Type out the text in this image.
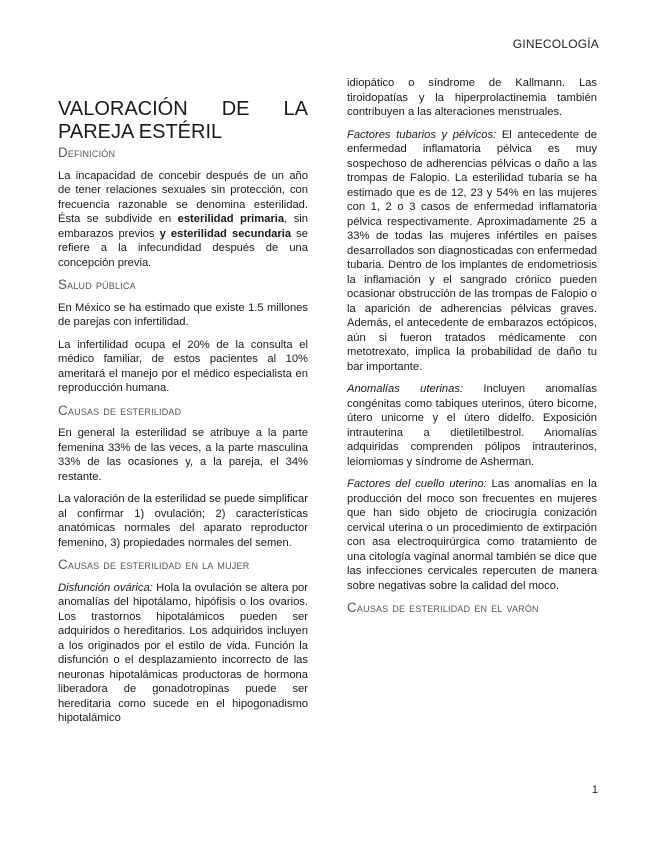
GINECOLOGÍA
VALORACIÓN DE LA
PAREJA ESTÉRIL
Definición

La incapacidad de concebir después de un año de tener relaciones sexuales sin protección, con frecuencia razonable se denomina esterilidad. Ésta se subdivide en esterilidad primaria, sin embarazos previos y esterilidad secundaria se refiere a la infecundidad después de una concepción previa.

Salud pública

En México se ha estimado que existe 1.5 millones de parejas con infertilidad.

La infertilidad ocupa el 20% de la consulta el médico familiar, de estos pacientes al 10% ameritará el manejo por el médico especialista en reproducción humana.

Causas de esterilidad

En general la esterilidad se atribuye a la parte femenina 33% de las veces, a la parte masculina 33% de las ocasiones y, a la pareja, el 34% restante.

La valoración de la esterilidad se puede simplificar al confirmar 1) ovulación; 2) características anatómicas normales del aparato reproductor femenino, 3) propiedades normales del semen.

Causas de esterilidad en la mujer

Disfunción ovárica: Hola la ovulación se altera por anomalías del hipotálamo, hipófisis o los ovarios. Los trastornos hipotalámicos pueden ser adquiridos o hereditarios. Los adquiridos incluyen a los originados por el estilo de vida. Función la disfunción o el desplazamiento incorrecto de las neuronas hipotalámicas productoras de hormona liberadora de gonadotropinas puede ser hereditaria como sucede en el hipogonadismo hipotalámico

idiopático o síndrome de Kallmann. Las tiroidopatías y la hiperprolactinemia también contribuyen a las alteraciones menstruales.

Factores tubarios y pélvicos: El antecedente de enfermedad inflamatoria pélvica es muy sospechoso de adherencias pélvicas o daño a las trompas de Falopio. La esterilidad tubaria se ha estimado que es de 12, 23 y 54% en las mujeres con 1, 2 o 3 casos de enfermedad inflamatoria pélvica respectivamente. Aproximadamente 25 a 33% de todas las mujeres infértiles en países desarrollados son diagnosticadas con enfermedad tubaria. Dentro de los implantes de endometriosis la inflamación y el sangrado crónico pueden ocasionar obstrucción de las trompas de Falopio o la aparición de adherencias pélvicas graves. Además, el antecedente de embarazos ectópicos, aún si fueron tratados médicamente con metotrexato, implica la probabilidad de daño tu bar importante.

Anomalías uterinas: Incluyen anomalías congénitas como tabiques uterinos, útero bicorne, útero unicorne y el útero didelfo. Exposición intrauterina a dietiletilbestrol. Anomalías adquiridas comprenden pólipos intrauterinos, leiomiomas y síndrome de Asherman.

Factores del cuello uterino: Las anomalías en la producción del moco son frecuentes en mujeres que han sido objeto de criocirugía conización cervical uterina o un procedimiento de extirpación con asa electroquirúrgica como tratamiento de una citología vaginal anormal también se dice que las infecciones cervicales repercuten de manera sobre negativas sobre la calidad del moco.

Causas de esterilidad en el varón
1
